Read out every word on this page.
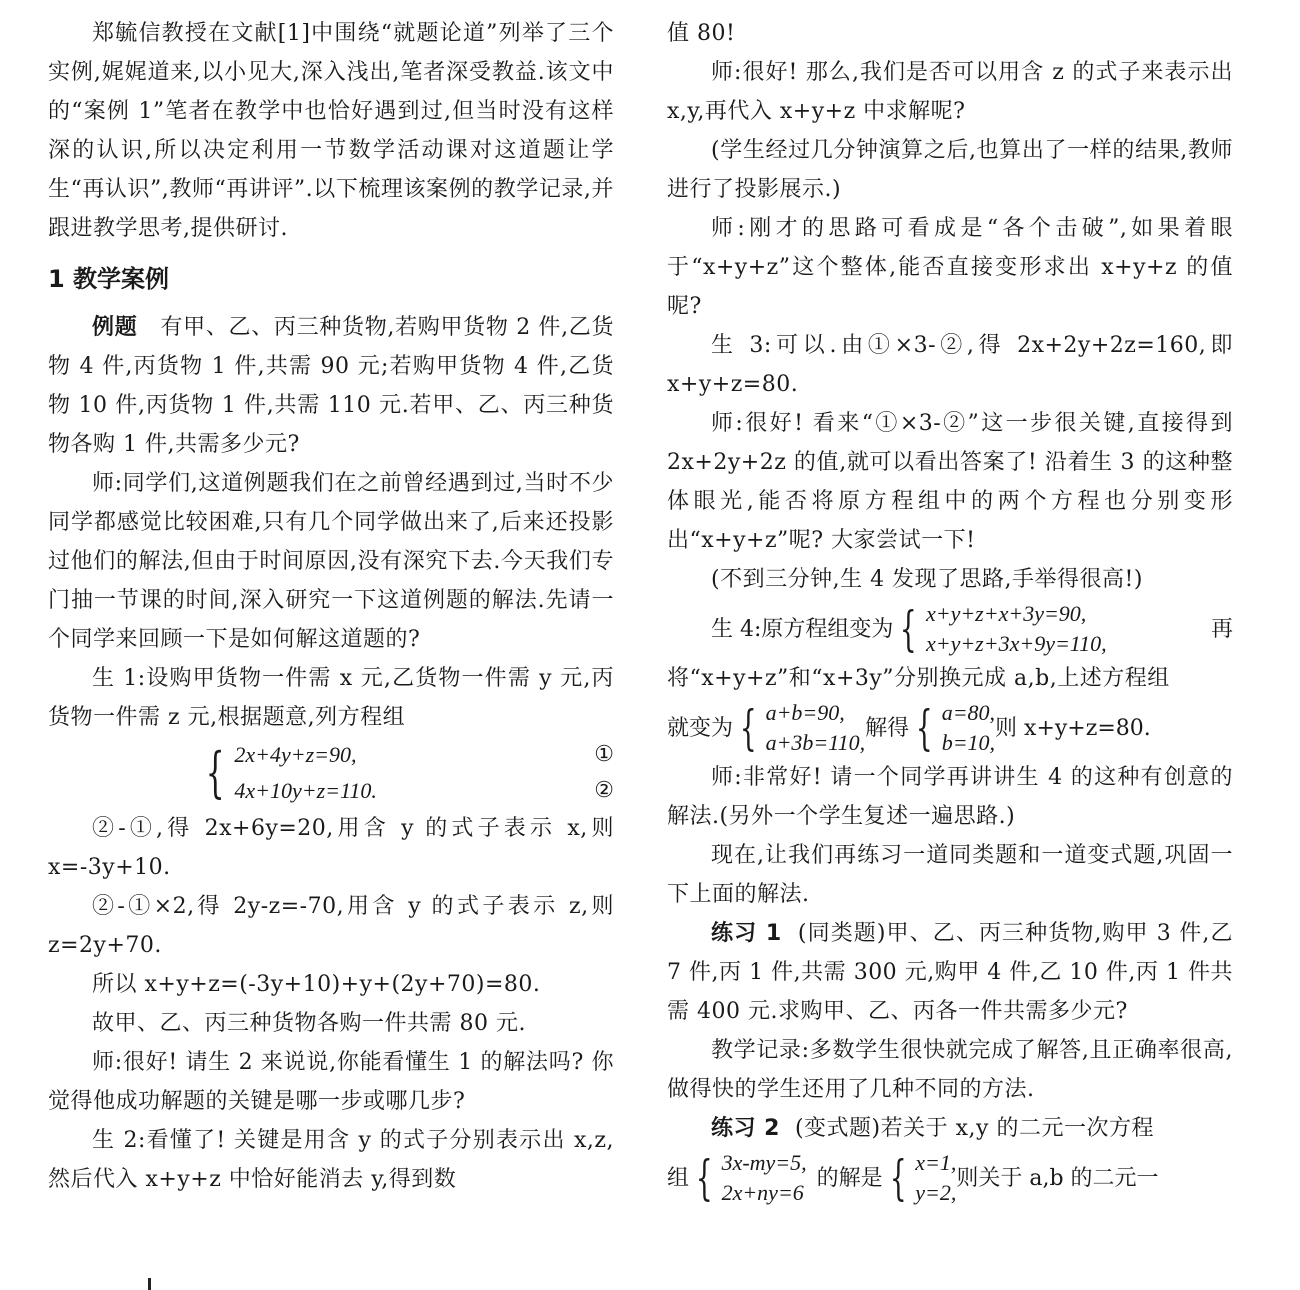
郑毓信教授在文献[1]中围绕“就题论道”列举了三个实例,娓娓道来,以小见大,深入浅出,笔者深受教益.该文中的“案例 1”笔者在教学中也恰好遇到过,但当时没有这样深的认识,所以决定利用一节数学活动课对这道题让学生“再认识”,教师“再讲评”.以下梳理该案例的教学记录,并跟进教学思考,提供研讨.

1 教学案例

例题 有甲、乙、丙三种货物,若购甲货物 2 件,乙货物 4 件,丙货物 1 件,共需 90 元;若购甲货物 4 件,乙货物 10 件,丙货物 1 件,共需 110 元.若甲、乙、丙三种货物各购 1 件,共需多少元?

师:同学们,这道例题我们在之前曾经遇到过,当时不少同学都感觉比较困难,只有几个同学做出来了,后来还投影过他们的解法,但由于时间原因,没有深究下去.今天我们专门抽一节课的时间,深入研究一下这道例题的解法.先请一个同学来回顾一下是如何解这道题的?

生 1:设购甲货物一件需 x 元,乙货物一件需 y 元,丙货物一件需 z 元,根据题意,列方程组

{ 2x+4y+z=90,	①
4x+10y+z=110.	②

②-①,得 2x+6y=20,用含 y 的式子表示 x,则 x=-3y+10.

②-①×2,得 2y-z=-70,用含 y 的式子表示 z,则 z=2y+70.

所以 x+y+z=(-3y+10)+y+(2y+70)=80.

故甲、乙、丙三种货物各购一件共需 80 元.

师:很好! 请生 2 来说说,你能看懂生 1 的解法吗? 你觉得他成功解题的关键是哪一步或哪几步?

生 2:看懂了! 关键是用含 y 的式子分别表示出 x,z,然后代入 x+y+z 中恰好能消去 y,得到数

值 80!

师:很好! 那么,我们是否可以用含 z 的式子来表示出 x,y,再代入 x+y+z 中求解呢?

(学生经过几分钟演算之后,也算出了一样的结果,教师进行了投影展示.)

师:刚才的思路可看成是“各个击破”,如果着眼于“x+y+z”这个整体,能否直接变形求出 x+y+z 的值呢?

生 3:可以.由①×3-②,得 2x+2y+2z=160,即 x+y+z=80.

师:很好! 看来“①×3-②”这一步很关键,直接得到 2x+2y+2z 的值,就可以看出答案了! 沿着生 3 的这种整体眼光,能否将原方程组中的两个方程也分别变形出“x+y+z”呢? 大家尝试一下!

(不到三分钟,生 4 发现了思路,手举得很高!)

生 4:原方程组变为 { x+y+z+x+3y=90,
x+y+z+3x+9y=110,
再

将“x+y+z”和“x+3y”分别换元成 a,b,上述方程组

就变为 { a+b=90,
a+3b=110,
解得 { a=80,
b=10,
则 x+y+z=80.

师:非常好! 请一个同学再讲讲生 4 的这种有创意的解法.(另外一个学生复述一遍思路.)

现在,让我们再练习一道同类题和一道变式题,巩固一下上面的解法.

练习 1 (同类题)甲、乙、丙三种货物,购甲 3 件,乙 7 件,丙 1 件,共需 300 元,购甲 4 件,乙 10 件,丙 1 件共需 400 元.求购甲、乙、丙各一件共需多少元?

教学记录:多数学生很快就完成了解答,且正确率很高,做得快的学生还用了几种不同的方法.

练习 2 (变式题)若关于 x,y 的二元一次方程

组 { 3x-my=5,
2x+ny=6
的解是 { x=1,
y=2,
则关于 a,b 的二元一
